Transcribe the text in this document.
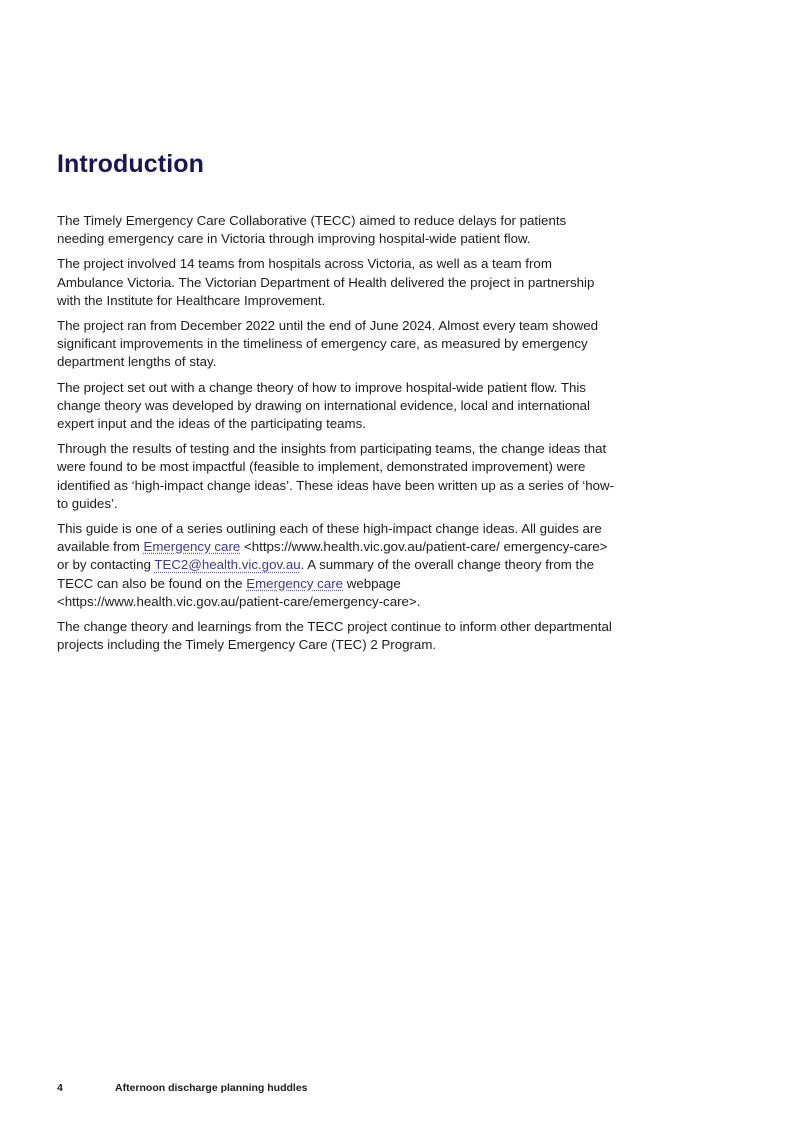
Introduction

The Timely Emergency Care Collaborative (TECC) aimed to reduce delays for patients needing emergency care in Victoria through improving hospital-wide patient flow.

The project involved 14 teams from hospitals across Victoria, as well as a team from Ambulance Victoria. The Victorian Department of Health delivered the project in partnership with the Institute for Healthcare Improvement.

The project ran from December 2022 until the end of June 2024. Almost every team showed significant improvements in the timeliness of emergency care, as measured by emergency department lengths of stay.

The project set out with a change theory of how to improve hospital-wide patient flow. This change theory was developed by drawing on international evidence, local and international expert input and the ideas of the participating teams.

Through the results of testing and the insights from participating teams, the change ideas that were found to be most impactful (feasible to implement, demonstrated improvement) were identified as ‘high-impact change ideas’. These ideas have been written up as a series of ‘how-to guides’.

This guide is one of a series outlining each of these high-impact change ideas. All guides are available from Emergency care <https://www.health.vic.gov.au/patient-care/ emergency-care> or by contacting TEC2@health.vic.gov.au. A summary of the overall change theory from the TECC can also be found on the Emergency care webpage <https://www.health.vic.gov.au/patient-care/emergency-care>.

The change theory and learnings from the TECC project continue to inform other departmental projects including the Timely Emergency Care (TEC) 2 Program.

4	Afternoon discharge planning huddles
